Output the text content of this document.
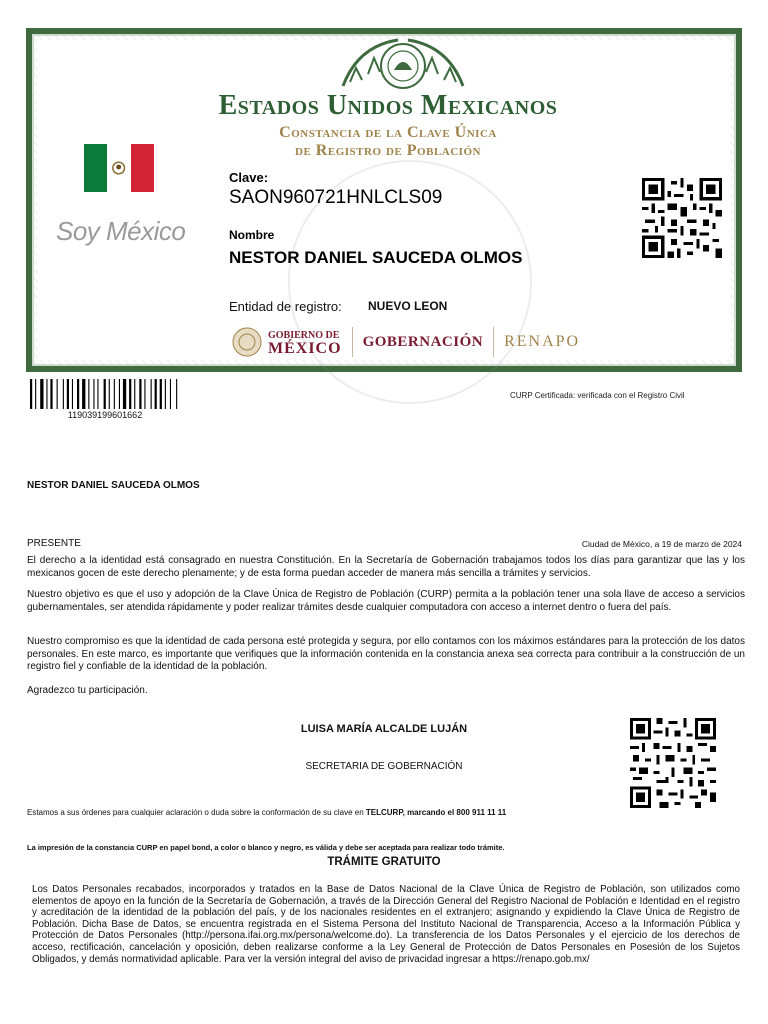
Estados Unidos Mexicanos
Constancia de la Clave Única
de Registro de Población
Soy México
Clave:
SAON960721HNLCLS09
Nombre
NESTOR DANIEL SAUCEDA OLMOS
Entidad de registro: NUEVO LEON
GOBIERNO DE
MÉXICO GOBERNACIÓN RENAPO
119039199601662
CURP Certificada: verificada con el Registro Civil
NESTOR DANIEL SAUCEDA OLMOS
PRESENTE	Ciudad de México, a 19 de marzo de 2024
El derecho a la identidad está consagrado en nuestra Constitución. En la Secretaría de Gobernación trabajamos todos los días para garantizar que las y los mexicanos gocen de este derecho plenamente; y de esta forma puedan acceder de manera más sencilla a trámites y servicios.
Nuestro objetivo es que el uso y adopción de la Clave Única de Registro de Población (CURP) permita a la población tener una sola llave de acceso a servicios gubernamentales, ser atendida rápidamente y poder realizar trámites desde cualquier computadora con acceso a internet dentro o fuera del país.
Nuestro compromiso es que la identidad de cada persona esté protegida y segura, por ello contamos con los máximos estándares para la protección de los datos personales. En este marco, es importante que verifiques que la información contenida en la constancia anexa sea correcta para contribuir a la construcción de un registro fiel y confiable de la identidad de la población.
Agradezco tu participación.
LUISA MARÍA ALCALDE LUJÁN
SECRETARIA DE GOBERNACIÓN
Estamos a sus órdenes para cualquier aclaración o duda sobre la conformación de su clave en TELCURP, marcando el 800 911 11 11
La impresión de la constancia CURP en papel bond, a color o blanco y negro, es válida y debe ser aceptada para realizar todo trámite.
TRÁMITE GRATUITO
Los Datos Personales recabados, incorporados y tratados en la Base de Datos Nacional de la Clave Única de Registro de Población, son utilizados como elementos de apoyo en la función de la Secretaría de Gobernación, a través de la Dirección General del Registro Nacional de Población e Identidad en el registro y acreditación de la identidad de la población del país, y de los nacionales residentes en el extranjero; asignando y expidiendo la Clave Única de Registro de Población. Dicha Base de Datos, se encuentra registrada en el Sistema Persona del Instituto Nacional de Transparencia, Acceso a la Información Pública y Protección de Datos Personales (http://persona.ifai.org.mx/persona/welcome.do). La transferencia de los Datos Personales y el ejercicio de los derechos de acceso, rectificación, cancelación y oposición, deben realizarse conforme a la Ley General de Protección de Datos Personales en Posesión de los Sujetos Obligados, y demás normatividad aplicable. Para ver la versión integral del aviso de privacidad ingresar a https://renapo.gob.mx/
